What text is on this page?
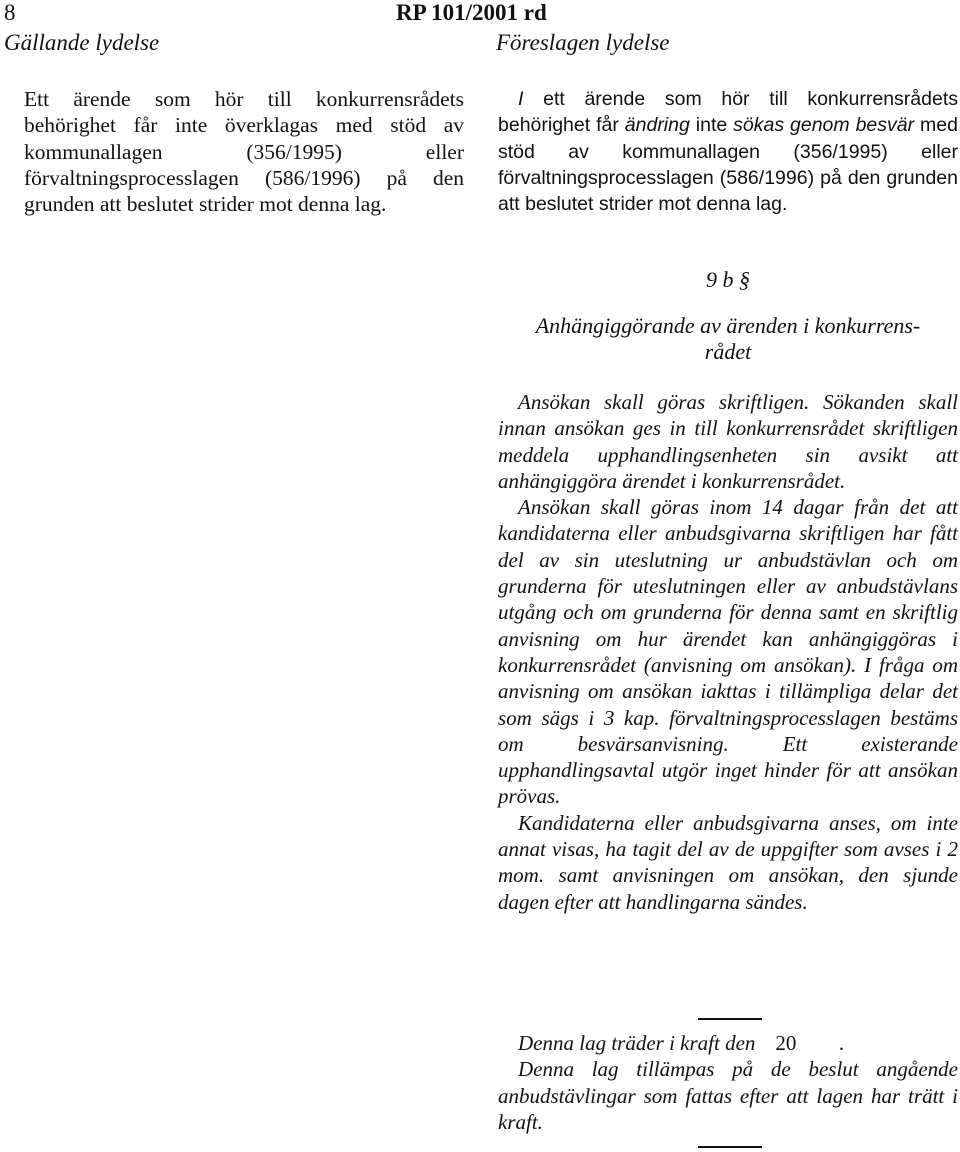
8	RP 101/2001 rd
Gällande lydelse	Föreslagen lydelse

Ett ärende som hör till konkurrensrådets behörighet får inte överklagas med stöd av kommunallagen (356/1995) eller förvaltningsprocesslagen (586/1996) på den grunden att beslutet strider mot denna lag.

I ett ärende som hör till konkurrensrådets behörighet får ändring inte sökas genom besvär med stöd av kommunallagen (356/1995) eller förvaltningsprocesslagen (586/1996) på den grunden att beslutet strider mot denna lag.

9 b §
Anhängiggörande av ärenden i konkurrens-
rådet

Ansökan skall göras skriftligen. Sökanden skall innan ansökan ges in till konkurrensrådet skriftligen meddela upphandlingsenheten sin avsikt att anhängiggöra ärendet i konkurrensrådet.

Ansökan skall göras inom 14 dagar från det att kandidaterna eller anbudsgivarna skriftligen har fått del av sin uteslutning ur anbudstävlan och om grunderna för uteslutningen eller av anbudstävlans utgång och om grunderna för denna samt en skriftlig anvisning om hur ärendet kan anhängiggöras i konkurrensrådet (anvisning om ansökan). I fråga om anvisning om ansökan iakttas i tillämpliga delar det som sägs i 3 kap. förvaltningsprocesslagen bestäms om besvärsanvisning. Ett existerande upphandlingsavtal utgör inget hinder för att ansökan prövas.

Kandidaterna eller anbudsgivarna anses, om inte annat visas, ha tagit del av de uppgifter som avses i 2 mom. samt anvisningen om ansökan, den sjunde dagen efter att handlingarna sändes.

Denna lag träder i kraft den 20 .

Denna lag tillämpas på de beslut angående anbudstävlingar som fattas efter att lagen har trätt i kraft.
